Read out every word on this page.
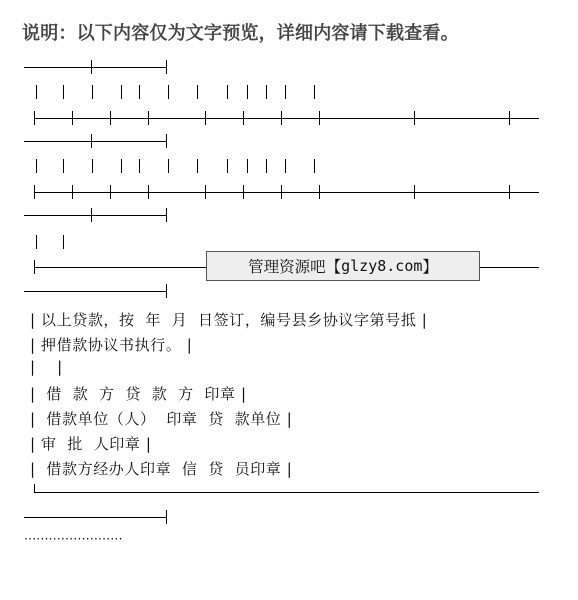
说明：以下内容仅为文字预览，详细内容请下载查看。
管理资源吧 【 glzy8.com 】
| 以上贷款，按  年  月  日签订，编号县乡协议字第号抵 |
| 押借款协议书执行。 |
|    |
|  借  款  方  贷  款  方  印章 |
|  借款单位（人）  印章  贷  款单位 |
| 审  批  人印章 |
|  借款方经办人印章  信  贷  员印章 |
························
